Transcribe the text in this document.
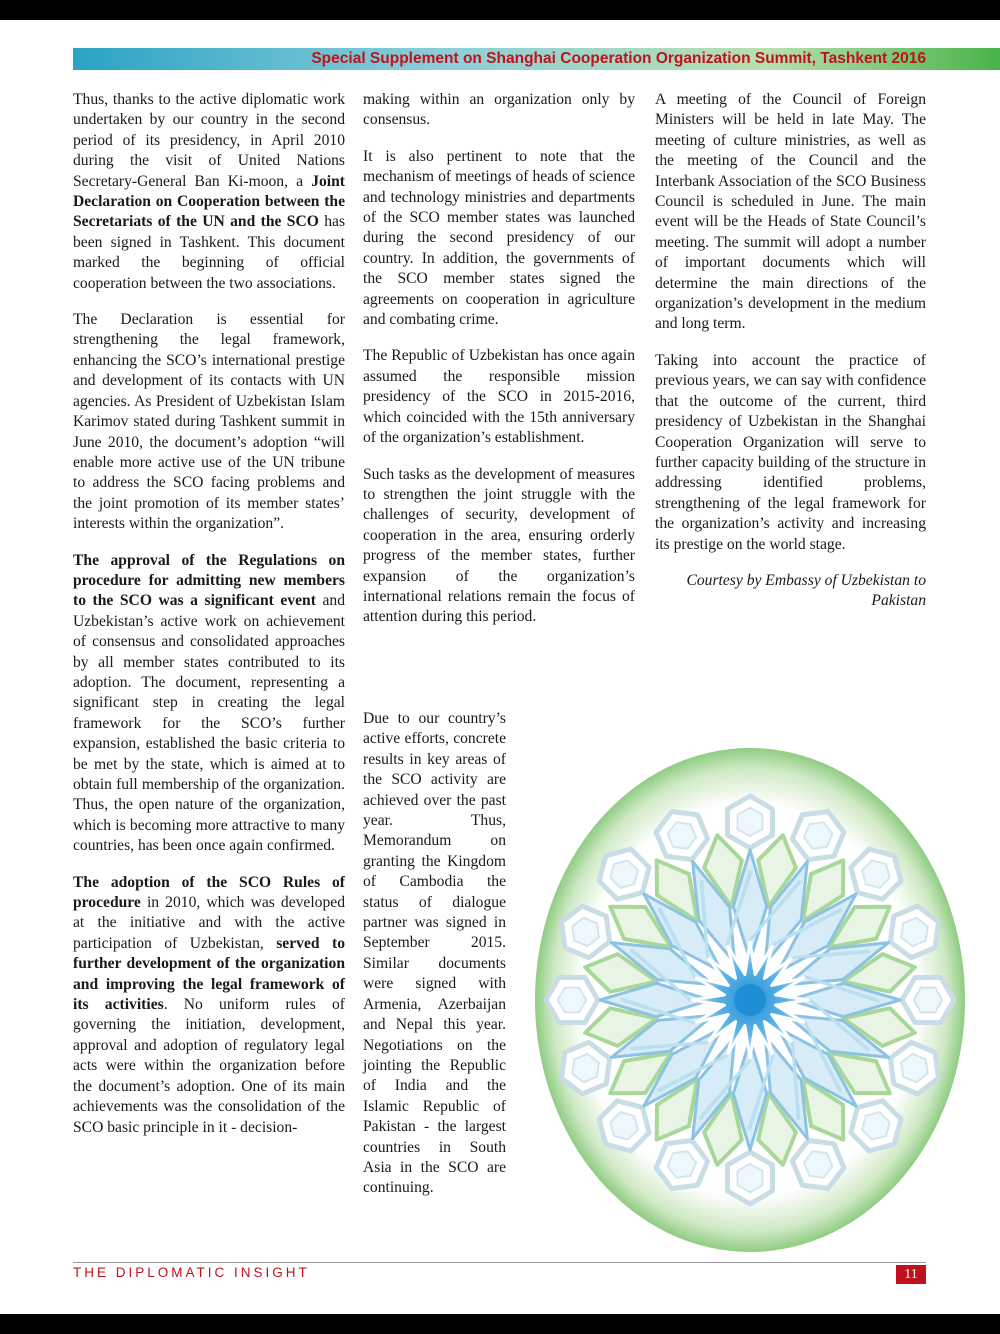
Special Supplement on Shanghai Cooperation Organization Summit, Tashkent 2016

Thus, thanks to the active diplomatic work undertaken by our country in the second period of its presidency, in April 2010 during the visit of United Nations Secretary-General Ban Ki-moon, a Joint Declaration on Cooperation between the Secretariats of the UN and the SCO has been signed in Tashkent. This document marked the beginning of official cooperation between the two associations.

The Declaration is essential for strengthening the legal framework, enhancing the SCO’s international prestige and development of its contacts with UN agencies. As President of Uzbekistan Islam Karimov stated during Tashkent summit in June 2010, the document’s adoption “will enable more active use of the UN tribune to address the SCO facing problems and the joint promotion of its member states’ interests within the organization”.

The approval of the Regulations on procedure for admitting new members to the SCO was a significant event and Uzbekistan’s active work on achievement of consensus and consolidated approaches by all member states contributed to its adoption. The document, representing a significant step in creating the legal framework for the SCO’s further expansion, established the basic criteria to be met by the state, which is aimed at to obtain full membership of the organization. Thus, the open nature of the organization, which is becoming more attractive to many countries, has been once again confirmed.

The adoption of the SCO Rules of procedure in 2010, which was developed at the initiative and with the active participation of Uzbekistan, served to further development of the organization and improving the legal framework of its activities. No uniform rules of governing the initiation, development, approval and adoption of regulatory legal acts were within the organization before the document’s adoption. One of its main achievements was the consolidation of the SCO basic principle in it - decision-

making within an organization only by consensus.

It is also pertinent to note that the mechanism of meetings of heads of science and technology ministries and departments of the SCO member states was launched during the second presidency of our country. In addition, the governments of the SCO member states signed the agreements on cooperation in agriculture and combating crime.

The Republic of Uzbekistan has once again assumed the responsible mission presidency of the SCO in 2015-2016, which coincided with the 15th anniversary of the organization’s establishment.

Such tasks as the development of measures to strengthen the joint struggle with the challenges of security, development of cooperation in the area, ensuring orderly progress of the member states, further expansion of the organization’s international relations remain the focus of attention during this period.

Due to our country’s active efforts, concrete results in key areas of the SCO activity are achieved over the past year. Thus, Memorandum on granting the Kingdom of Cambodia the status of dialogue partner was signed in September 2015. Similar documents were signed with Armenia, Azerbaijan and Nepal this year. Negotiations on the jointing the Republic of India and the Islamic Republic of Pakistan - the largest countries in South Asia in the SCO are continuing.

A meeting of the Council of Foreign Ministers will be held in late May. The meeting of culture ministries, as well as the meeting of the Council and the Interbank Association of the SCO Business Council is scheduled in June. The main event will be the Heads of State Council’s meeting. The summit will adopt a number of important documents which will determine the main directions of the organization’s development in the medium and long term.

Taking into account the practice of previous years, we can say with confidence that the outcome of the current, third presidency of Uzbekistan in the Shanghai Cooperation Organization will serve to further capacity building of the structure in addressing identified problems, strengthening of the legal framework for the organization’s activity and increasing its prestige on the world stage.

Courtesy by Embassy of Uzbekistan to Pakistan

THE DIPLOMATIC INSIGHT	11
